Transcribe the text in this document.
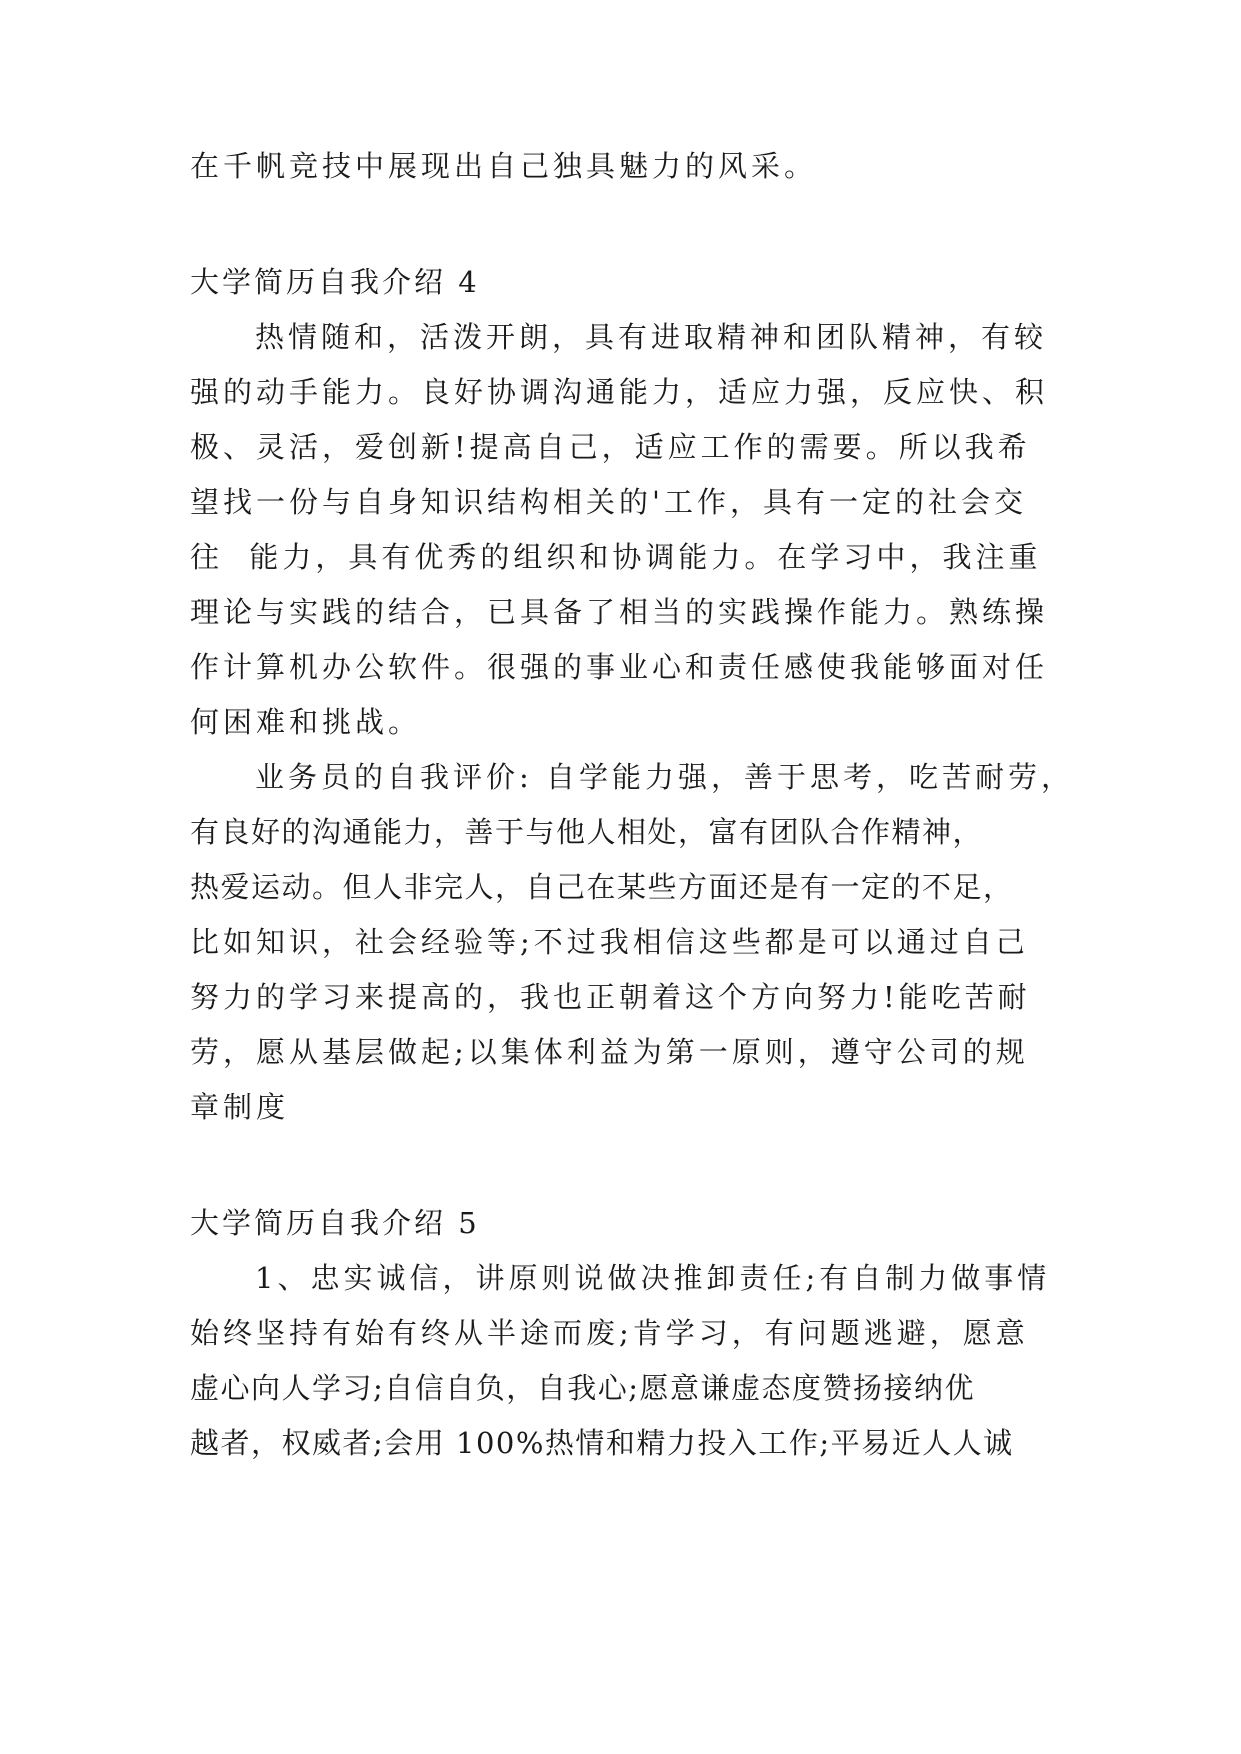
在千帆竞技中展现出自己独具魅力的风采。
大学简历自我介绍 4
热情随和，活泼开朗，具有进取精神和团队精神，有较
强的动手能力。良好协调沟通能力，适应力强，反应快、积
极、灵活，爱创新!提高自己，适应工作的需要。所以我希
望找一份与自身知识结构相关的'工作，具有一定的社会交
往  能力，具有优秀的组织和协调能力。在学习中，我注重
理论与实践的结合，已具备了相当的实践操作能力。熟练操
作计算机办公软件。很强的事业心和责任感使我能够面对任
何困难和挑战。
业务员的自我评价: 自学能力强，善于思考，吃苦耐劳，
有良好的沟通能力，善于与他人相处，富有团队合作精神，
热爱运动。但人非完人，自己在某些方面还是有一定的不足，
比如知识，社会经验等;不过我相信这些都是可以通过自己
努力的学习来提高的，我也正朝着这个方向努力!能吃苦耐
劳，愿从基层做起;以集体利益为第一原则，遵守公司的规
章制度
大学简历自我介绍 5
1、忠实诚信，讲原则说做决推卸责任;有自制力做事情
始终坚持有始有终从半途而废;肯学习，有问题逃避，愿意
虚心向人学习;自信自负，自我心;愿意谦虚态度赞扬接纳优
越者，权威者;会用 100%热情和精力投入工作;平易近人人诚
